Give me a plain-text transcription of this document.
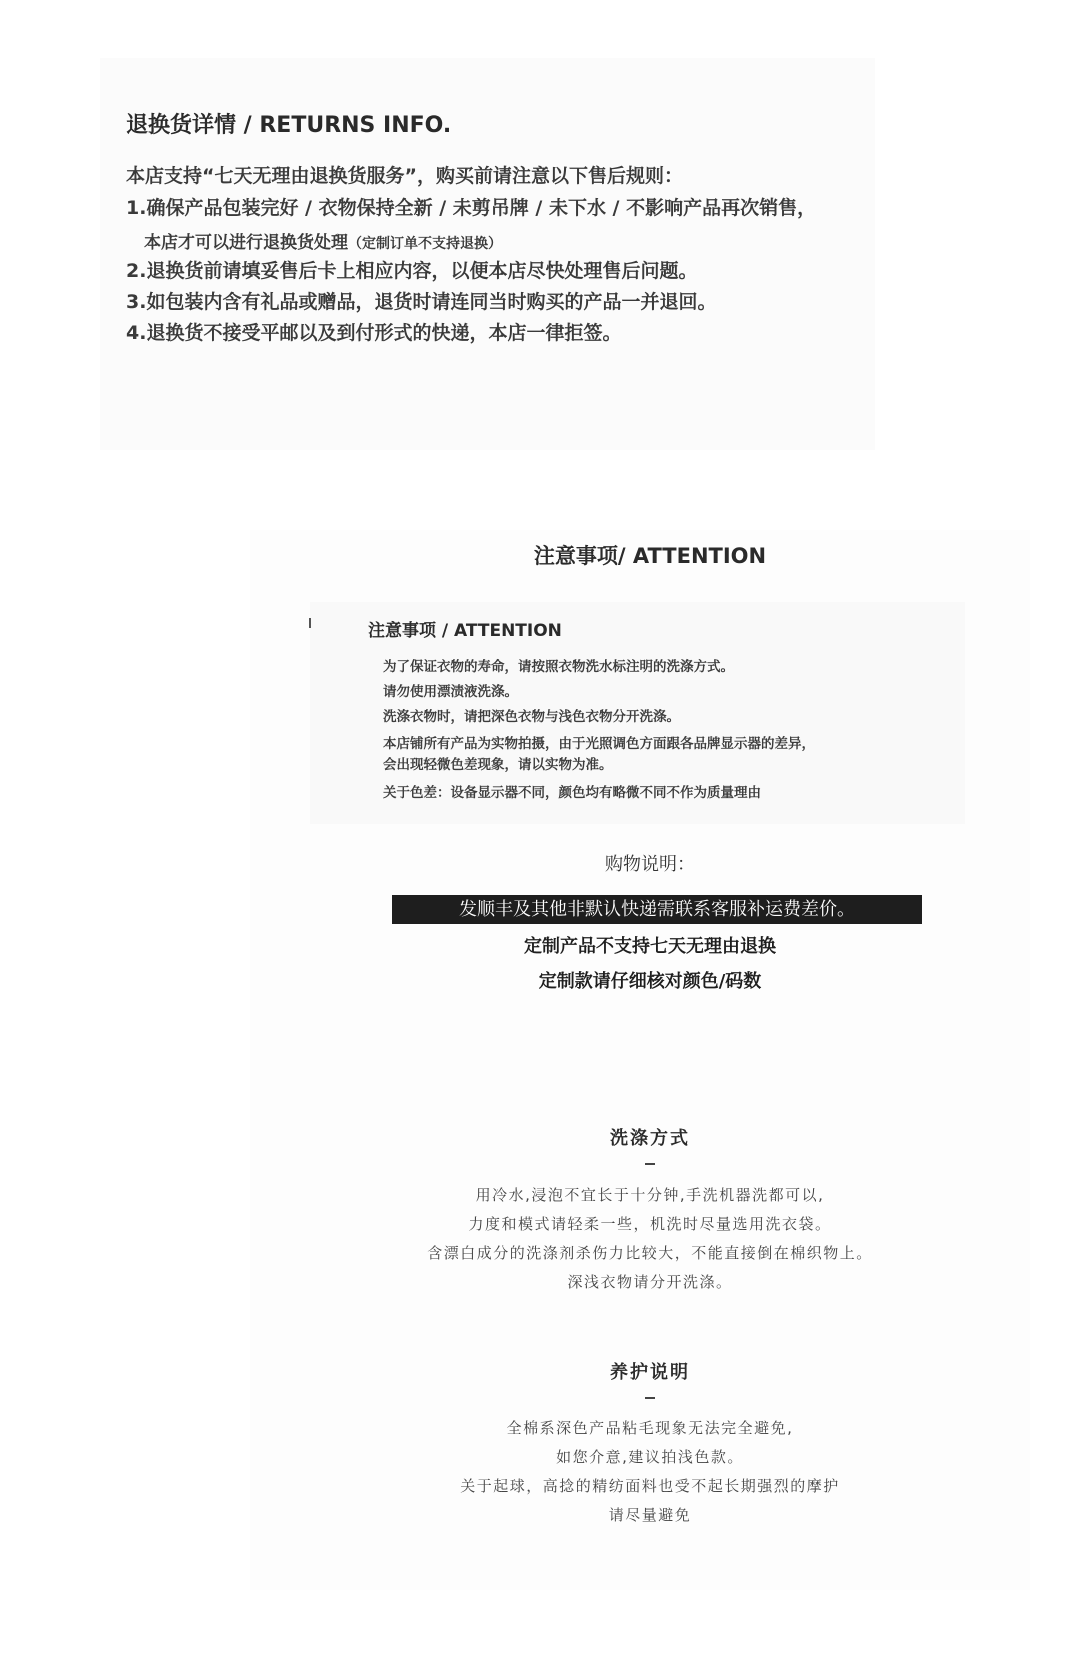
退换货详情 / RETURNS INFO.
本店支持“七天无理由退换货服务”，购买前请注意以下售后规则：
1.确保产品包装完好 / 衣物保持全新 / 未剪吊牌 / 未下水 / 不影响产品再次销售，
本店才可以进行退换货处理（定制订单不支持退换）
2.退换货前请填妥售后卡上相应内容，以便本店尽快处理售后问题。
3.如包装内含有礼品或赠品，退货时请连同当时购买的产品一并退回。
4.退换货不接受平邮以及到付形式的快递，本店一律拒签。
注意事项/ ATTENTION
注意事项 / ATTENTION
为了保证衣物的寿命，请按照衣物洗水标注明的洗涤方式。
请勿使用漂渍液洗涤。
洗涤衣物时，请把深色衣物与浅色衣物分开洗涤。
本店铺所有产品为实物拍摄，由于光照调色方面跟各品牌显示器的差异，
会出现轻微色差现象，请以实物为准。
关于色差：设备显示器不同，颜色均有略微不同不作为质量理由
购物说明：
发顺丰及其他非默认快递需联系客服补运费差价。
定制产品不支持七天无理由退换
定制款请仔细核对颜色/码数
洗涤方式
用冷水,浸泡不宜长于十分钟,手洗机器洗都可以,
力度和模式请轻柔一些，机洗时尽量选用洗衣袋。
含漂白成分的洗涤剂杀伤力比较大，不能直接倒在棉织物上。
深浅衣物请分开洗涤。
养护说明
全棉系深色产品粘毛现象无法完全避免,
如您介意,建议拍浅色款。
关于起球，高捻的精纺面料也受不起长期强烈的摩护
请尽量避免
